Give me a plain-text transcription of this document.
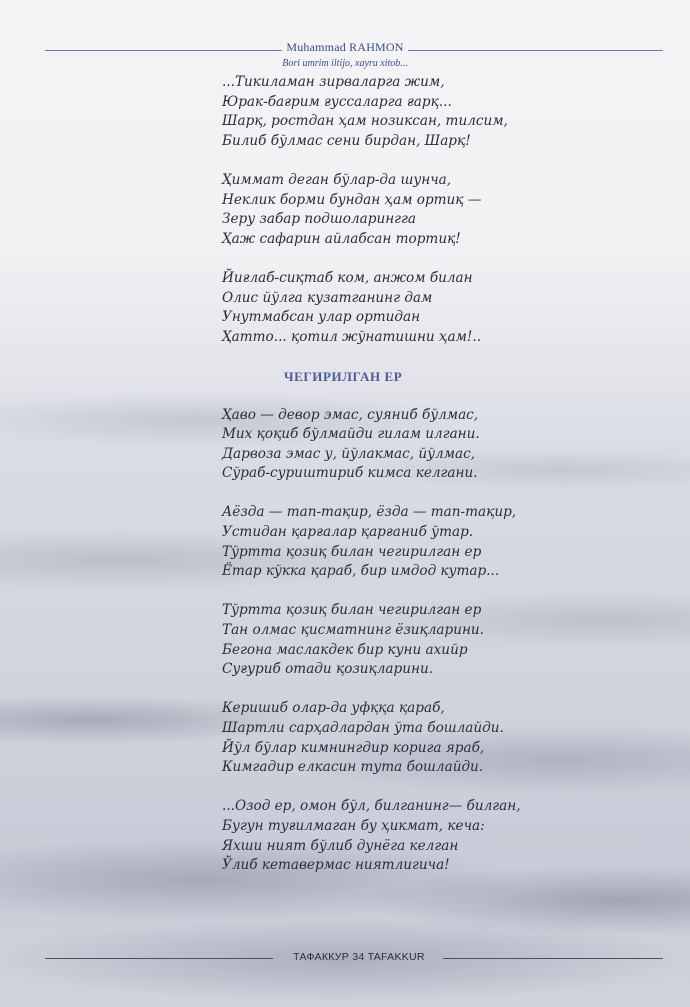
Muhammad RAHMON
Bori umrim iltijo, xayru xitob...
...Тикиламан зирваларга жим,
Юрак-бағрим ғуссаларга ғарқ...
Шарқ, ростдан ҳам нозиксан, тилсим,
Билиб бўлмас сени бирдан, Шарқ!
Ҳиммат деган бўлар-да шунча,
Неклик борми бундан ҳам ортиқ —
Зеру забар подшоларингга
Ҳаж сафарин айлабсан тортиқ!
Йиғлаб-сиқтаб ком, анжом билан
Олис йўлга кузатганинг дам
Унутмабсан улар ортидан
Ҳатто... қотил жўнатишни ҳам!..
ЧЕГИРИЛГАН ЕР
Ҳаво — девор эмас, суяниб бўлмас,
Мих қоқиб бўлмайди гилам илгани.
Дарвоза эмас у, йўлакмас, йўлмас,
Сўраб-суриштириб кимса келгани.
Аёзда — тап-тақир, ёзда — тап-тақир,
Устидан қарғалар қарғаниб ўтар.
Тўртта қозиқ билан чегирилган ер
Ётар кўкка қараб, бир имдод кутар...
Тўртта қозиқ билан чегирилган ер
Тан олмас қисматнинг ёзиқларини.
Бегона маслакдек бир куни ахийр
Суғуриб отади қозиқларини.
Керишиб олар-да уфққа қараб,
Шартли сарҳадлардан ўта бошлайди.
Йўл бўлар кимнингдир корига яраб,
Кимгадир елкасин тута бошлайди.
...Озод ер, омон бўл, билганинг— билган,
Бугун туғилмаган бу ҳикмат, кеча:
Яхши ният бўлиб дунёга келган
Ўлиб кетавермас ниятлигича!
ТАФАККУР 34 TAFAKKUR
